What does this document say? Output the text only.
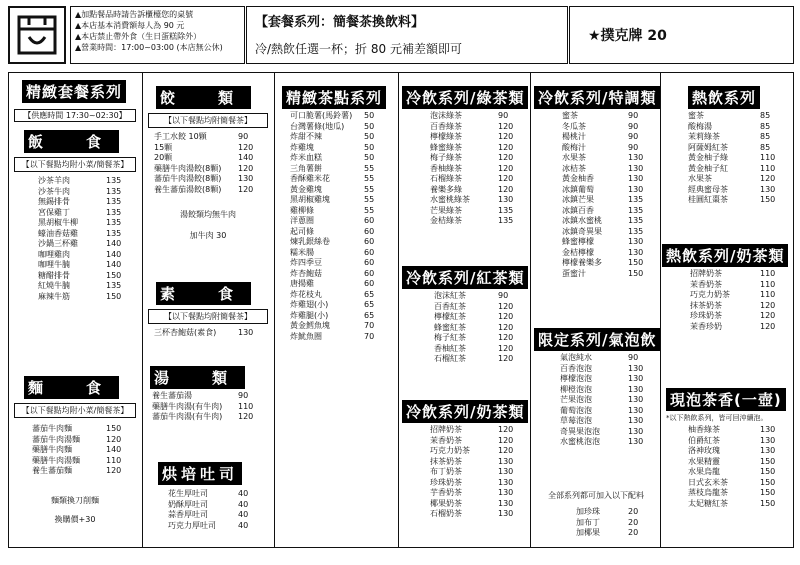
▲加點餐品時請告訴櫃檯您的桌號
▲本店基本消費額每人為 90 元
▲本店禁止帶外食（生日蛋糕除外）
▲營業時間：17:00~03:00 (本店無公休)
【套餐系列：簡餐茶換飲料】
冷/熱飲任選一杯；折 80 元補差額即可
★撲克牌 20
精緻套餐系列
【供應時間 17:30~02:30】
飯　食
【以下餐點均附小菜/簡餐茶】
沙茶羊肉	135
沙茶牛肉	135
無錫排骨	135
宮保雞丁	135
黑胡椒牛柳	135
蠔油香菇雞	135
沙鍋三杯雞	140
咖哩雞肉	140
咖哩牛腩	140
糖醋排骨	150
紅燒牛腩	135
麻辣牛筋	150
麵　食
【以下餐點均附小菜/簡餐茶】
蕃茄牛肉麵	150
蕃茄牛肉湯麵	120
藥膳牛肉麵	140
藥膳牛肉湯麵	110
養生蕃茄麵	120
麵類換刀削麵
換購價+30
餃　類
【以下餐點均附簡餐茶】
手工水餃 10顆	90
15顆	120
20顆	140
藥膳牛肉湯餃(8顆)	120
蕃茄牛肉湯餃(8顆)	130
養生蕃茄湯餃(8顆)	120
湯餃類均無牛肉
加牛肉 30
素　食
【以下餐點均附簡餐茶】
三杯杏鮑菇(素食)	130
湯　類
養生蕃茄湯	90
藥膳牛肉湯(有牛肉)	110
蕃茄牛肉湯(有牛肉)	120
烘培吐司
花生厚吐司	40
奶酥厚吐司	40
蒜香厚吐司	40
巧克力厚吐司	40
精緻茶點系列
可口脆薯(馬鈴薯)	50
台灣薯條(地瓜)	50
炸甜不辣	50
炸雞塊	50
炸米血糕	50
三角薯餅	55
香酥雞米花	55
黃金雞塊	55
黑胡椒雞塊	55
雞柳條	55
洋蔥圈	60
起司條	60
煉乳銀絲卷	60
糯米腸	60
炸四季豆	60
炸杏鮑菇	60
唐揚雞	60
炸花枝丸	65
炸雞翅(小)	65
炸雞腿(小)	65
黃金鱈魚塊	70
炸魷魚圈	70
冷飲系列/綠茶類
泡沫綠茶	90
百香綠茶	120
檸檬綠茶	120
蜂蜜綠茶	120
梅子綠茶	120
香柚綠茶	120
石榴綠茶	120
養樂多綠	120
水蜜桃綠茶	130
芒果綠茶	135
金桔綠茶	135
冷飲系列/紅茶類
泡沫紅茶	90
百香紅茶	120
檸檬紅茶	120
蜂蜜紅茶	120
梅子紅茶	120
香柚紅茶	120
石榴紅茶	120
冷飲系列/奶茶類
招牌奶茶	120
茉香奶茶	120
巧克力奶茶	120
抹茶奶茶	130
布丁奶茶	130
珍珠奶茶	130
芋香奶茶	130
椰果奶茶	130
石榴奶茶	130
冷飲系列/特調類
蜜茶	90
冬瓜茶	90
楊桃汁	90
酸梅汁	90
水果茶	130
冰桔茶	130
黃金柚香	130
冰鎮葡萄	130
冰鎮芒果	135
冰鎮百香	135
冰鎮水蜜桃	135
冰鎮奇異果	135
蜂蜜檸檬	130
金桔檸檬	130
檸檬養樂多	150
蛋蜜汁	150
限定系列/氣泡飲
氣泡純水	90
百香泡泡	130
檸檬泡泡	130
柳橙泡泡	130
芒果泡泡	130
葡萄泡泡	130
草莓泡泡	130
奇異果泡泡	130
水蜜桃泡泡	130
全部系列都可加入以下配料
加珍珠	20
加布丁	20
加椰果	20
熱飲系列
蜜茶	85
酸梅湯	85
茉莉綠茶	85
阿薩姆紅茶	85
黃金柚子綠	110
黃金柚子紅	110
水果茶	120
經典蜜母茶	130
桂圓紅棗茶	150
熱飲系列/奶茶類
招牌奶茶	110
茉香奶茶	110
巧克力奶茶	110
抹茶奶茶	120
珍珠奶茶	120
茉香珍奶	120
現泡茶香(一壺)
*以下熱飲系列，皆可回沖續泡。
柚香綠茶	130
伯爵紅茶	130
洛神玫瑰	130
水果精靈	150
水果烏龍	150
日式玄米茶	150
蒸枝烏龍茶	150
太妃糖紅茶	150
